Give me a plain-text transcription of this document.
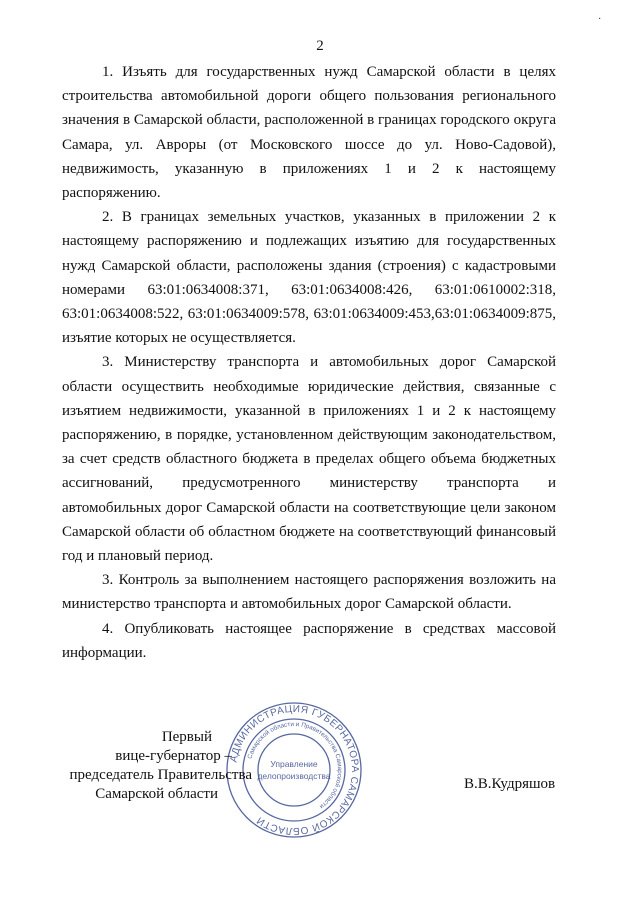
2

1. Изъять для государственных нужд Самарской области в целях строительства автомобильной дороги общего пользования регионального значения в Самарской области, расположенной в границах городского округа Самара, ул. Авроры (от Московского шоссе до ул. Ново-Садовой), недвижимость, указанную в приложениях 1 и 2 к настоящему распоряжению.

2. В границах земельных участков, указанных в приложении 2 к настоящему распоряжению и подлежащих изъятию для государственных нужд Самарской области, расположены здания (строения) с кадастровыми номерами 63:01:0634008:371, 63:01:0634008:426, 63:01:0610002:318, 63:01:0634008:522, 63:01:0634009:578, 63:01:0634009:453,63:01:0634009:875, изъятие которых не осуществляется.

3. Министерству транспорта и автомобильных дорог Самарской области осуществить необходимые юридические действия, связанные с изъятием недвижимости, указанной в приложениях 1 и 2 к настоящему распоряжению, в порядке, установленном действующим законодательством, за счет средств областного бюджета в пределах общего объема бюджетных ассигнований, предусмотренного министерству транспорта и автомобильных дорог Самарской области на соответствующие цели законом Самарской области об областном бюджете на соответствующий финансовый год и плановый период.

3. Контроль за выполнением настоящего распоряжения возложить на министерство транспорта и автомобильных дорог Самарской области.

4. Опубликовать настоящее распоряжение в средствах массовой информации.

АДМИНИСТРАЦИЯ ГУБЕРНАТОРА САМАРСКОЙ ОБЛАСТИ
Самарской области и Правительства Самарской области
Управление
делопроизводства
Первый
вице-губернатор –
председатель Правительства
Самарской области
В.В.Кудряшов
·
